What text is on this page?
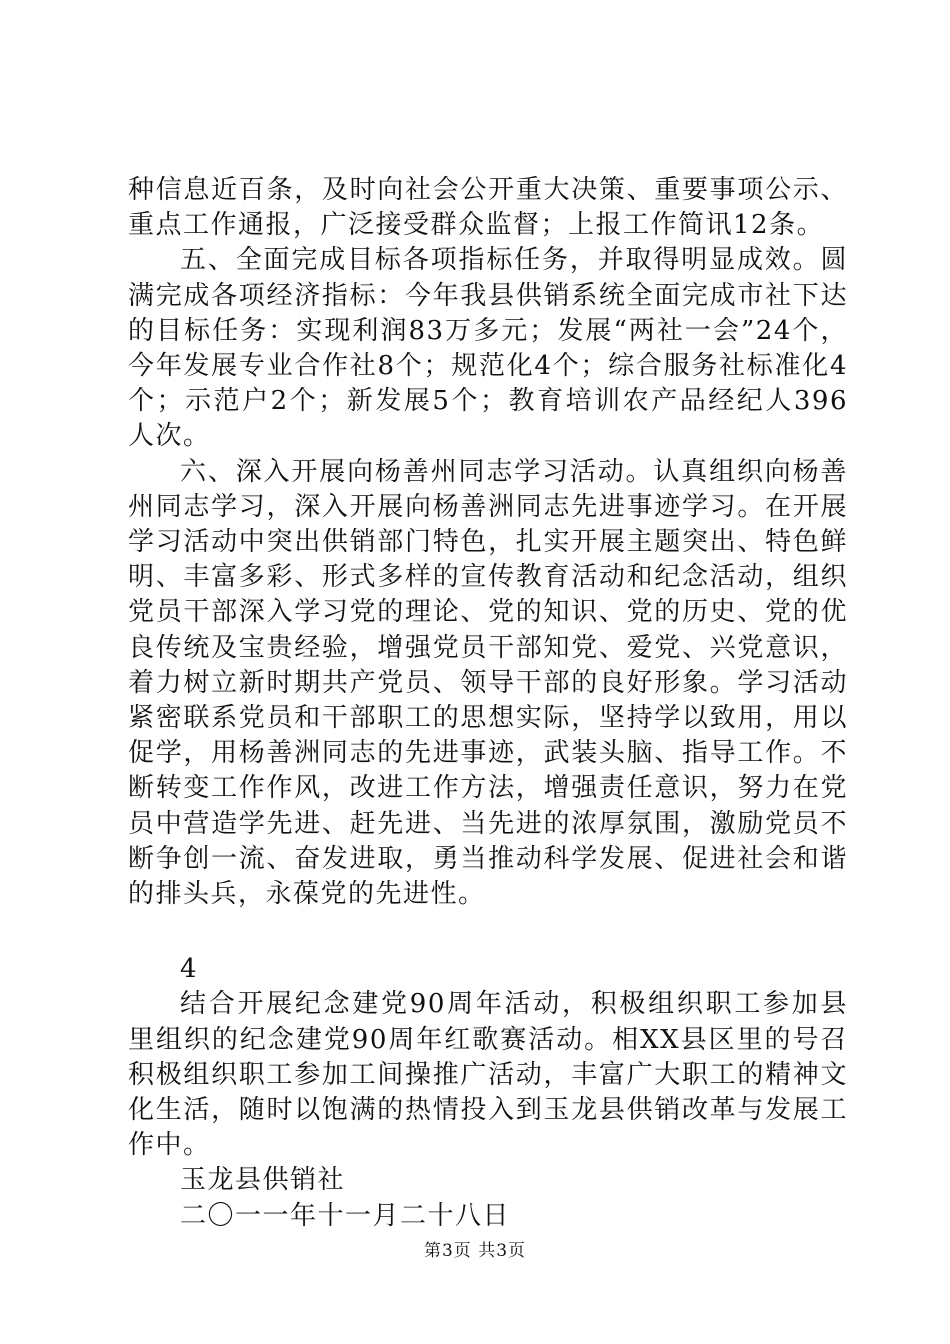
种信息近百条，及时向社会公开重大决策、重要事项公示、重点工作通报，广泛接受群众监督；上报工作简讯12条。

五、全面完成目标各项指标任务，并取得明显成效。圆满完成各项经济指标：今年我县供销系统全面完成市社下达的目标任务：实现利润83万多元；发展“两社一会”24个，今年发展专业合作社8个；规范化4个；综合服务社标准化4个；示范户2个；新发展5个；教育培训农产品经纪人396人次。

六、深入开展向杨善州同志学习活动。认真组织向杨善州同志学习，深入开展向杨善洲同志先进事迹学习。在开展学习活动中突出供销部门特色，扎实开展主题突出、特色鲜明、丰富多彩、形式多样的宣传教育活动和纪念活动，组织党员干部深入学习党的理论、党的知识、党的历史、党的优良传统及宝贵经验，增强党员干部知党、爱党、兴党意识，着力树立新时期共产党员、领导干部的良好形象。学习活动紧密联系党员和干部职工的思想实际，坚持学以致用，用以促学，用杨善洲同志的先进事迹，武装头脑、指导工作。不断转变工作作风，改进工作方法，增强责任意识，努力在党员中营造学先进、赶先进、当先进的浓厚氛围，激励党员不断争创一流、奋发进取，勇当推动科学发展、促进社会和谐的排头兵，永葆党的先进性。

4

结合开展纪念建党90周年活动，积极组织职工参加县里组织的纪念建党90周年红歌赛活动。相XX县区里的号召积极组织职工参加工间操推广活动，丰富广大职工的精神文化生活，随时以饱满的热情投入到玉龙县供销改革与发展工作中。

玉龙县供销社

二〇一一年十一月二十八日

第3页 共3页
